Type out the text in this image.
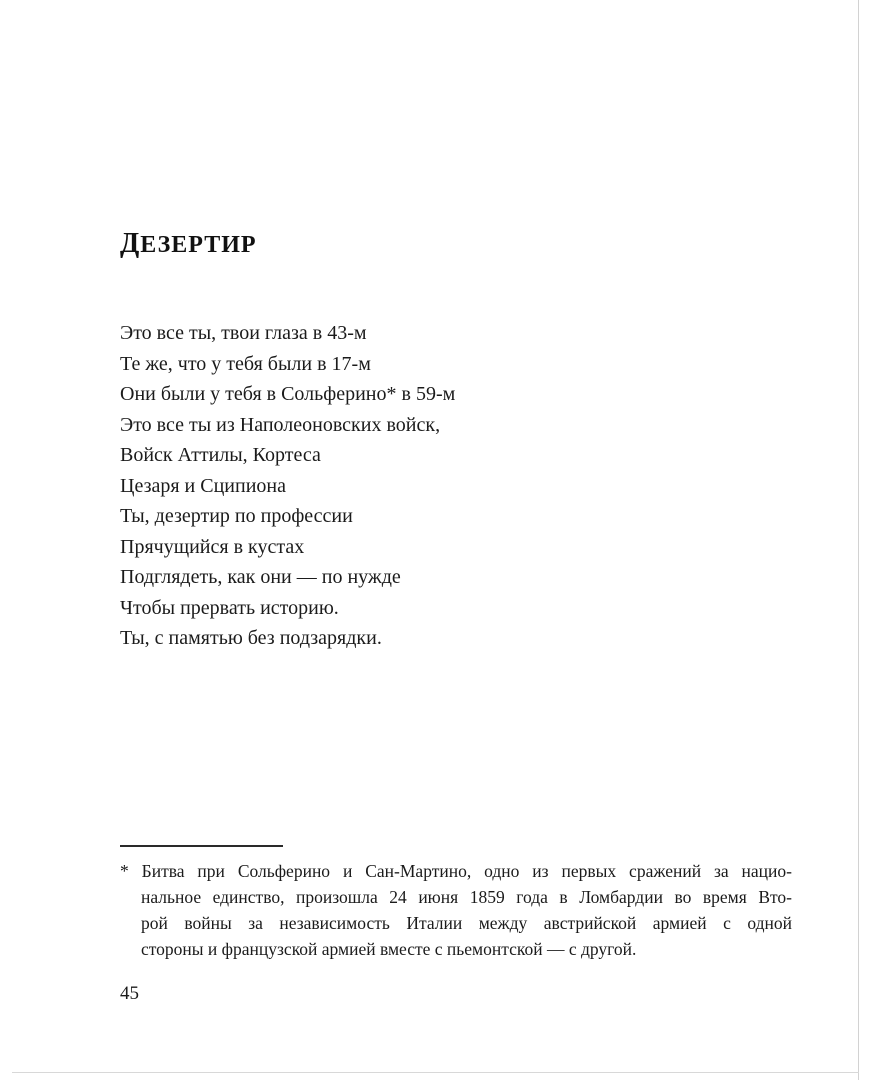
ДЕЗЕРТИР
Это все ты, твои глаза в 43-м
Те же, что у тебя были в 17-м
Они были у тебя в Сольферино* в 59-м
Это все ты из Наполеоновских войск,
Войск Аттилы, Кортеса
Цезаря и Сципиона
Ты, дезертир по профессии
Прячущийся в кустах
Подглядеть, как они — по нужде
Чтобы прервать историю.
Ты, с памятью без подзарядки.
* Битва при Сольферино и Сан-Мартино, одно из первых сражений за нацио-
нальное единство, произошла 24 июня 1859 года в Ломбардии во время Вто-
рой войны за независимость Италии между австрийской армией с одной
стороны и французской армией вместе с пьемонтской — с другой.
45
